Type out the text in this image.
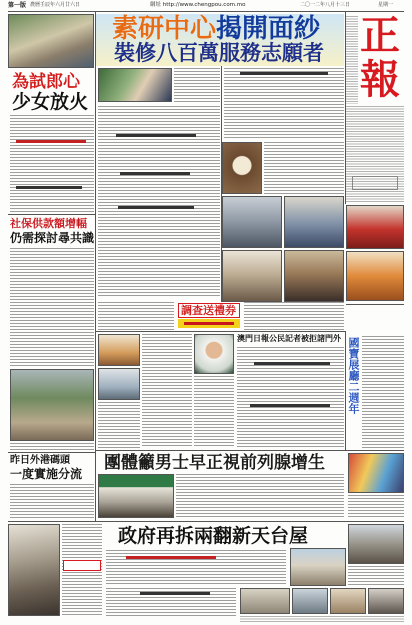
第一版 農曆壬辰年六月廿六日	網址 http://www.chengpou.com.mo	二〇一二年八月十三日	星期一
素研中心 揭開面紗
裝修八百萬服務志願者 正
報
為試郎心
少女放火
社保供款額增幅
仍需探討尋共識
昨日外港碼頭
一度實施分流
調查送禮券
澳門日報公民記者被拒諸門外 國寶展廳二週年
團體籲男士早正視前列腺增生
政府再拆兩翻新天台屋
